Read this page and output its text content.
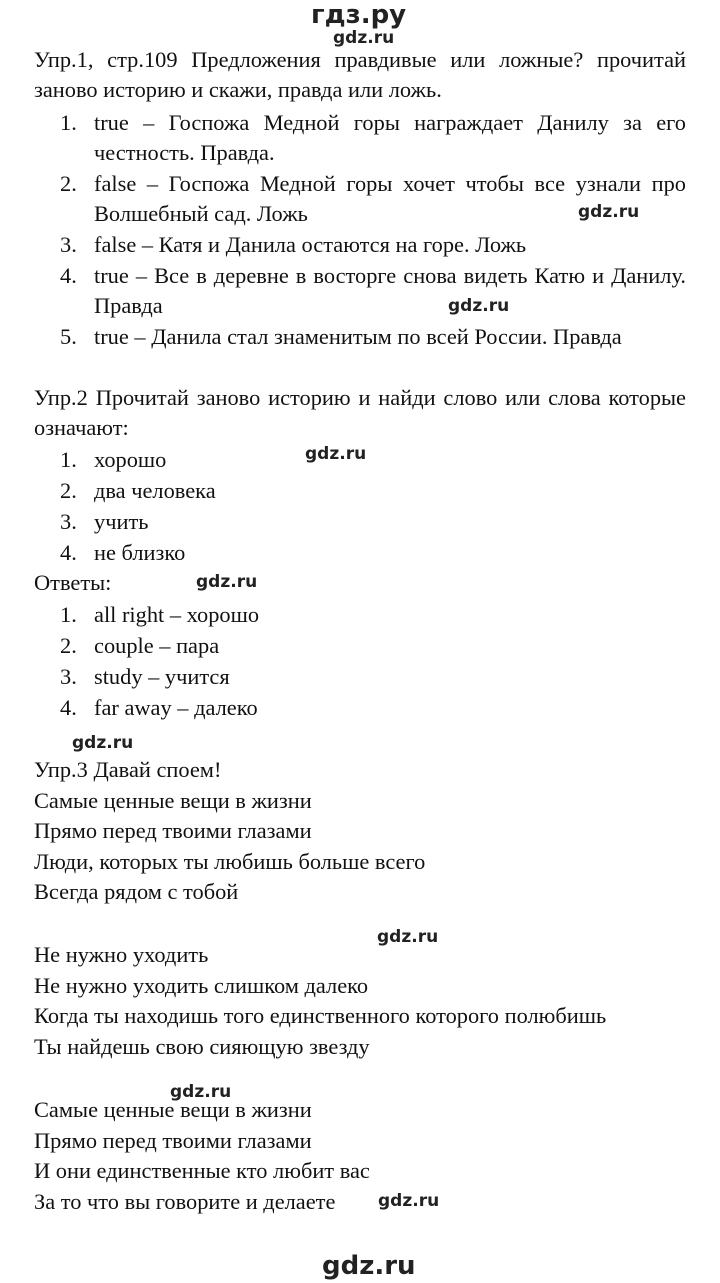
гдз.ру
gdz.ru
Упр.1, стр.109 Предложения правдивые или ложные? прочитай заново историю и скажи, правда или ложь.
1. true – Госпожа Медной горы награждает Данилу за его честность. Правда.
2. false – Госпожа Медной горы хочет чтобы все узнали про Волшебный сад. Ложь	gdz.ru
3. false – Катя и Данила остаются на горе. Ложь
4. true – Все в деревне в восторге снова видеть Катю и Данилу. Правда	gdz.ru
5. true – Данила стал знаменитым по всей России. Правда
Упр.2 Прочитай заново историю и найди слово или слова которые означают:
gdz.ru
1. хорошо
2. два человека
3. учить
4. не близко
Ответы:	gdz.ru
1. all right – хорошо
2. couple – пара
3. study – учится
4. far away – далеко
gdz.ru
Упр.3 Давай споем!
Самые ценные вещи в жизни
Прямо перед твоими глазами
Люди, которых ты любишь больше всего
Всегда рядом с тобой
gdz.ru
Не нужно уходить
Не нужно уходить слишком далеко
Когда ты находишь того единственного которого полюбишь
Ты найдешь свою сияющую звезду
gdz.ru
Самые ценные вещи в жизни
Прямо перед твоими глазами
И они единственные кто любит вас
За то что вы говорите и делаете	gdz.ru
gdz.ru
